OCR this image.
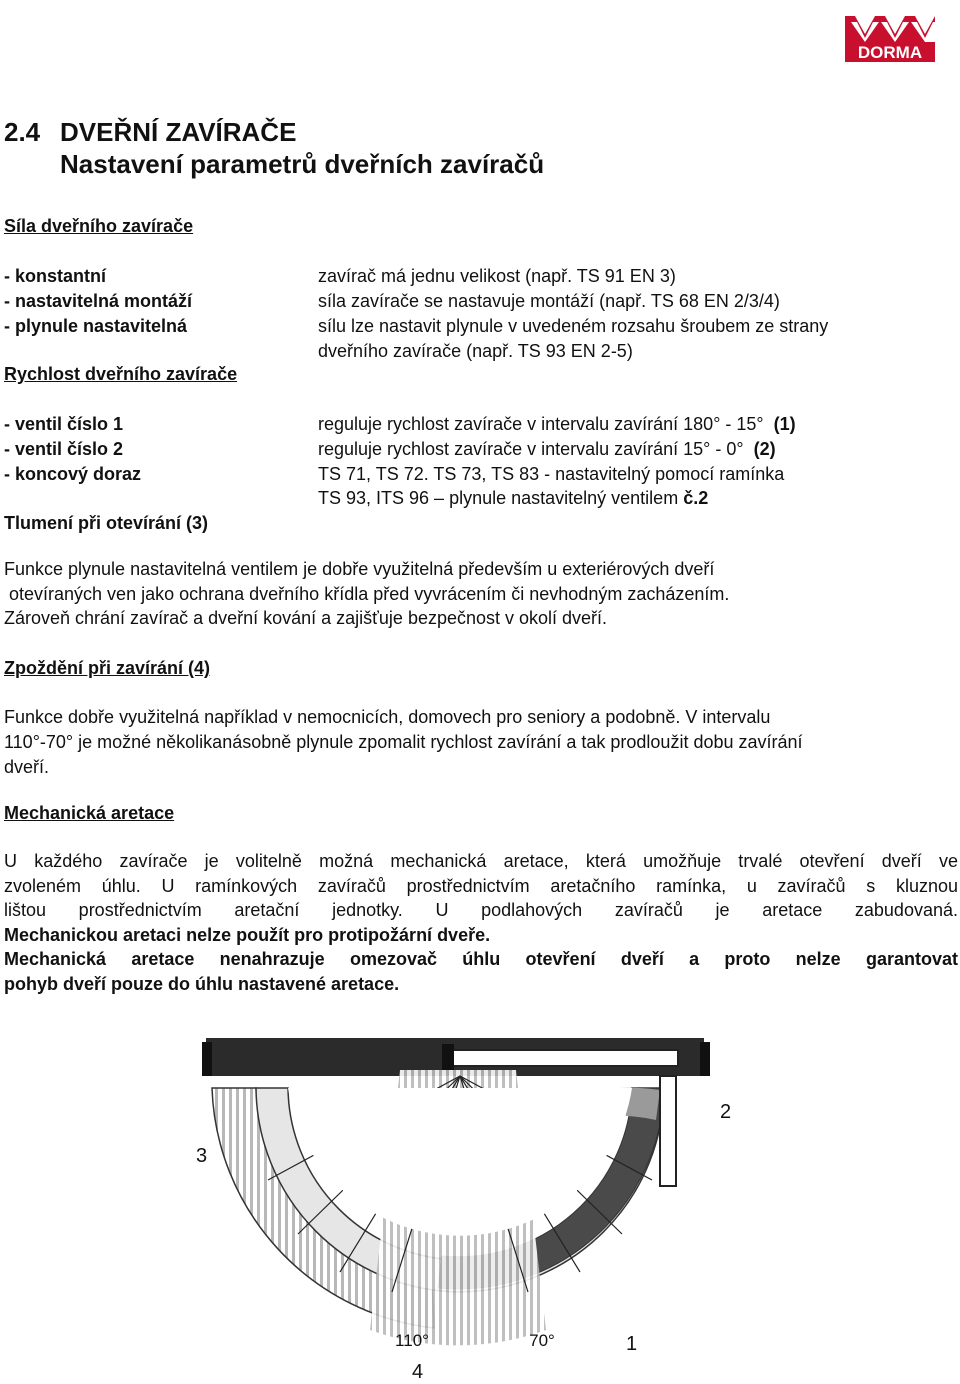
DORMA
2.4 DVEŘNÍ ZAVÍRAČE
Nastavení parametrů dveřních zavíračů
Síla dveřního zavírače
- konstantní	zavírač má jednu velikost (např. TS 91 EN 3)
- nastavitelná montáží	síla zavírače se nastavuje montáží (např. TS 68 EN 2/3/4)
- plynule nastavitelná	sílu lze nastavit plynule v uvedeném rozsahu šroubem ze strany
dveřního zavírače (např. TS 93 EN 2-5)
Rychlost dveřního zavírače
- ventil číslo 1	reguluje rychlost zavírače v intervalu zavírání 180° - 15° (1)
- ventil číslo 2	reguluje rychlost zavírače v intervalu zavírání 15° - 0° (2)
- koncový doraz	TS 71, TS 72. TS 73, TS 83 - nastavitelný pomocí ramínka
TS 93, ITS 96 – plynule nastavitelný ventilem č.2
Tlumení při otevírání (3)
Funkce plynule nastavitelná ventilem je dobře využitelná především u exteriérových dveří
otevíraných ven jako ochrana dveřního křídla před vyvrácením či nevhodným zacházením.
Zároveň chrání zavírač a dveřní kování a zajišťuje bezpečnost v okolí dveří.
Zpoždění při zavírání (4)
Funkce dobře využitelná například v nemocnicích, domovech pro seniory a podobně. V intervalu
110°-70° je možné několikanásobně plynule zpomalit rychlost zavírání a tak prodloužit dobu zavírání
dveří.
Mechanická aretace
U každého zavírače je volitelně možná mechanická aretace, která umožňuje trvalé otevření dveří ve
zvoleném úhlu. U ramínkových zavíračů prostřednictvím aretačního ramínka, u zavíračů s kluznou
lištou prostřednictvím aretační jednotky. U podlahových zavíračů je aretace zabudovaná.
Mechanickou aretaci nelze použít pro protipožární dveře.
Mechanická aretace nenahrazuje omezovač úhlu otevření dveří a proto nelze garantovat
pohyb dveří pouze do úhlu nastavené aretace.
3
110°	70°	1
4
2
